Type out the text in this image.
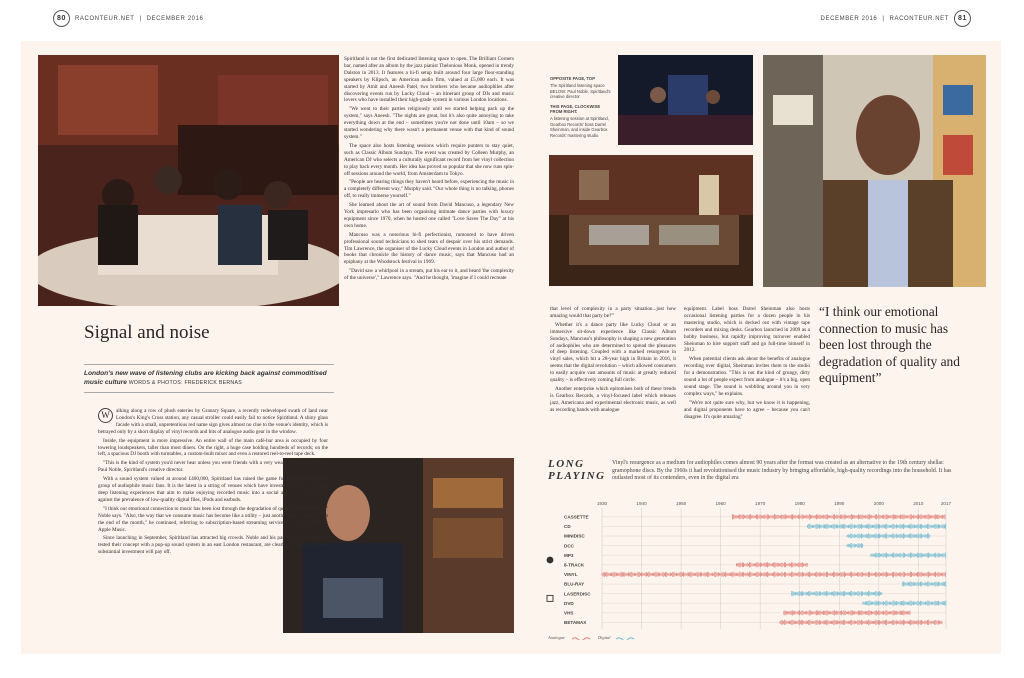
80	RACONTEUR.NET | DECEMBER 2016	DECEMBER 2016 | RACONTEUR.NET	81
Signal and noise
London's new wave of listening clubs are kicking back against commoditised music culture WORDS & PHOTOS: FREDERICK BERNAS
W	alking along a row of plush eateries by Granary Square, a recently redeveloped swath of land near London's King's Cross station, any casual stroller could easily fail to notice Spiritland. A shiny glass facade with a small, unpretentious red name sign gives almost no clue to the venue's identity, which is betrayed only by a short display of vinyl records and bits of analogue audio gear in the window.

Inside, the equipment is more impressive. An entire wall of the main café-bar area is occupied by four towering loudspeakers, taller than most diners. On the right, a huge case holding hundreds of records; on the left, a spacious DJ booth with turntables, a custom-built mixer and even a restored reel-to-reel tape deck.

"This is the kind of system you'd never hear unless you were friends with a very wealthy audiophile," says Paul Noble, Spiritland's creative director.

With a sound system valued at around £400,000, Spiritland has raised the game for London's dedicated group of audiophile music fans. It is the latest in a string of venues which have invested heavily in creating deep listening experiences that aim to make enjoying recorded music into a social activity, fighting back against the prevalence of low-quality digital files, iPods and earbuds.

"I think our emotional connection to music has been lost through the degradation of quality and equipment," Noble says. "Also, the way that we consume music has become like a utility – just another one of your bills at the end of the month," he continued, referring to subscription-based streaming services, such as Spotify or Apple Music.

Since launching in September, Spiritland has attracted big crowds. Noble and his partners, who originally tested their concept with a pop-up sound system in an east London restaurant, are clearly confident that their substantial investment will pay off.

Spiritland is not the first dedicated listening space to open. The Brilliant Corners bar, named after an album by the jazz pianist Thelonious Monk, opened in trendy Dalston in 2013. It features a hi-fi setup built around four large floor-standing speakers by Klipsch, an American audio firm, valued at £5,000 each. It was started by Amit and Aneesh Patel, two brothers who became audiophiles after discovering events run by Lucky Cloud – an itinerant group of DJs and music lovers who have installed their high-grade system in various London locations.

"We went to their parties religiously until we started helping pack up the system," says Aneesh. "The nights are great, but it's also quite annoying to take everything down at the end – sometimes you're not done until 10am – so we started wondering why there wasn't a permanent venue with that kind of sound system."

The space also hosts listening sessions which require punters to stay quiet, such as Classic Album Sundays. The event was created by Colleen Murphy, an American DJ who selects a culturally significant record from her vinyl collection to play back every month. Her idea has proved so popular that she now runs spin-off sessions around the world, from Amsterdam to Tokyo.

"People are hearing things they haven't heard before, experiencing the music in a completely different way," Murphy said. "Our whole thing is no talking, phones off, to really immerse yourself."

She learned about the art of sound from David Mancuso, a legendary New York impresario who has been organising intimate dance parties with luxury equipment since 1970, when he hosted one called "Love Saves The Day" at his own home.

Mancuso was a notorious hi-fi perfectionist, rumoured to have driven professional sound technicians to shed tears of despair over his strict demands. Tim Lawrence, the organiser of the Lucky Cloud events in London and author of books that chronicle the history of dance music, says that Mancuso had an epiphany at the Woodstock festival in 1969.

"David saw a whirlpool in a stream, put his ear to it, and heard 'the complexity of the universe'," Lawrence says. "And he thought, 'imagine if I could recreate

that level of complexity in a party situation...just how amazing would that party be?'"

Whether it's a dance party like Lucky Cloud or an immersive sit-down experience like Classic Album Sundays, Mancuso's philosophy is shaping a new generation of audiophiles who are determined to spread the pleasures of deep listening. Coupled with a marked resurgence in vinyl sales, which hit a 28-year high in Britain in 2016, it seems that the digital revolution – which allowed consumers to easily acquire vast amounts of music at greatly reduced quality – is effectively coming full circle.

Another enterprise which epitomises both of these trends is Gearbox Records, a vinyl-focused label which releases jazz, Americana and experimental electronic music, as well as recording bands with analogue

equipment. Label boss Darrel Sheinman also hosts occasional listening parties for a dozen people in his mastering studio, which is decked out with vintage tape recorders and mixing desks. Gearbox launched in 2009 as a hobby business, but rapidly improving turnover enabled Sheinman to hire support staff and go full-time himself in 2012.

When potential clients ask about the benefits of analogue recording over digital, Sheinman invites them to the studio for a demonstration. "This is not the kind of grungy, dirty sound a lot of people expect from analogue – it's a big, open sound stage. The sound is wobbling around you in very complex ways," he explains.

"We're not quite sure why, but we know it is happening, and digital proponents have to agree – because you can't disagree. It's quite amazing"

OPPOSITE PAGE, TOP
The Spiritland listening space BELOW: Paul Noble, Spiritland's creative director
THIS PAGE, CLOCKWISE FROM RIGHT:
A listening session at Spiritland, Gearbox Records' boss Darrel Sheinman, and inside Gearbox Records' mastering studio
“I think our emotional connection to music has been lost through the degradation of quality and equipment”
LONG PLAYING
Vinyl's resurgence as a medium for audiophiles comes almost 90 years after the format was created as an alternative to the 19th century shellac gramophone discs. By the 1960s it had revolutionised the music industry by bringing affordable, high-quality recordings into the household. It has outlasted most of its contenders, even in the digital era
1930	1940	1950	1960	1970	1980	1990	2000	2010	2017
CASSETTE
CD
MINIDISC
DCC
MP3
8-TRACK
VINYL
BLU-RAY
LASERDISC
DVD
VHS
BETAMAX
Analogue	Digital
